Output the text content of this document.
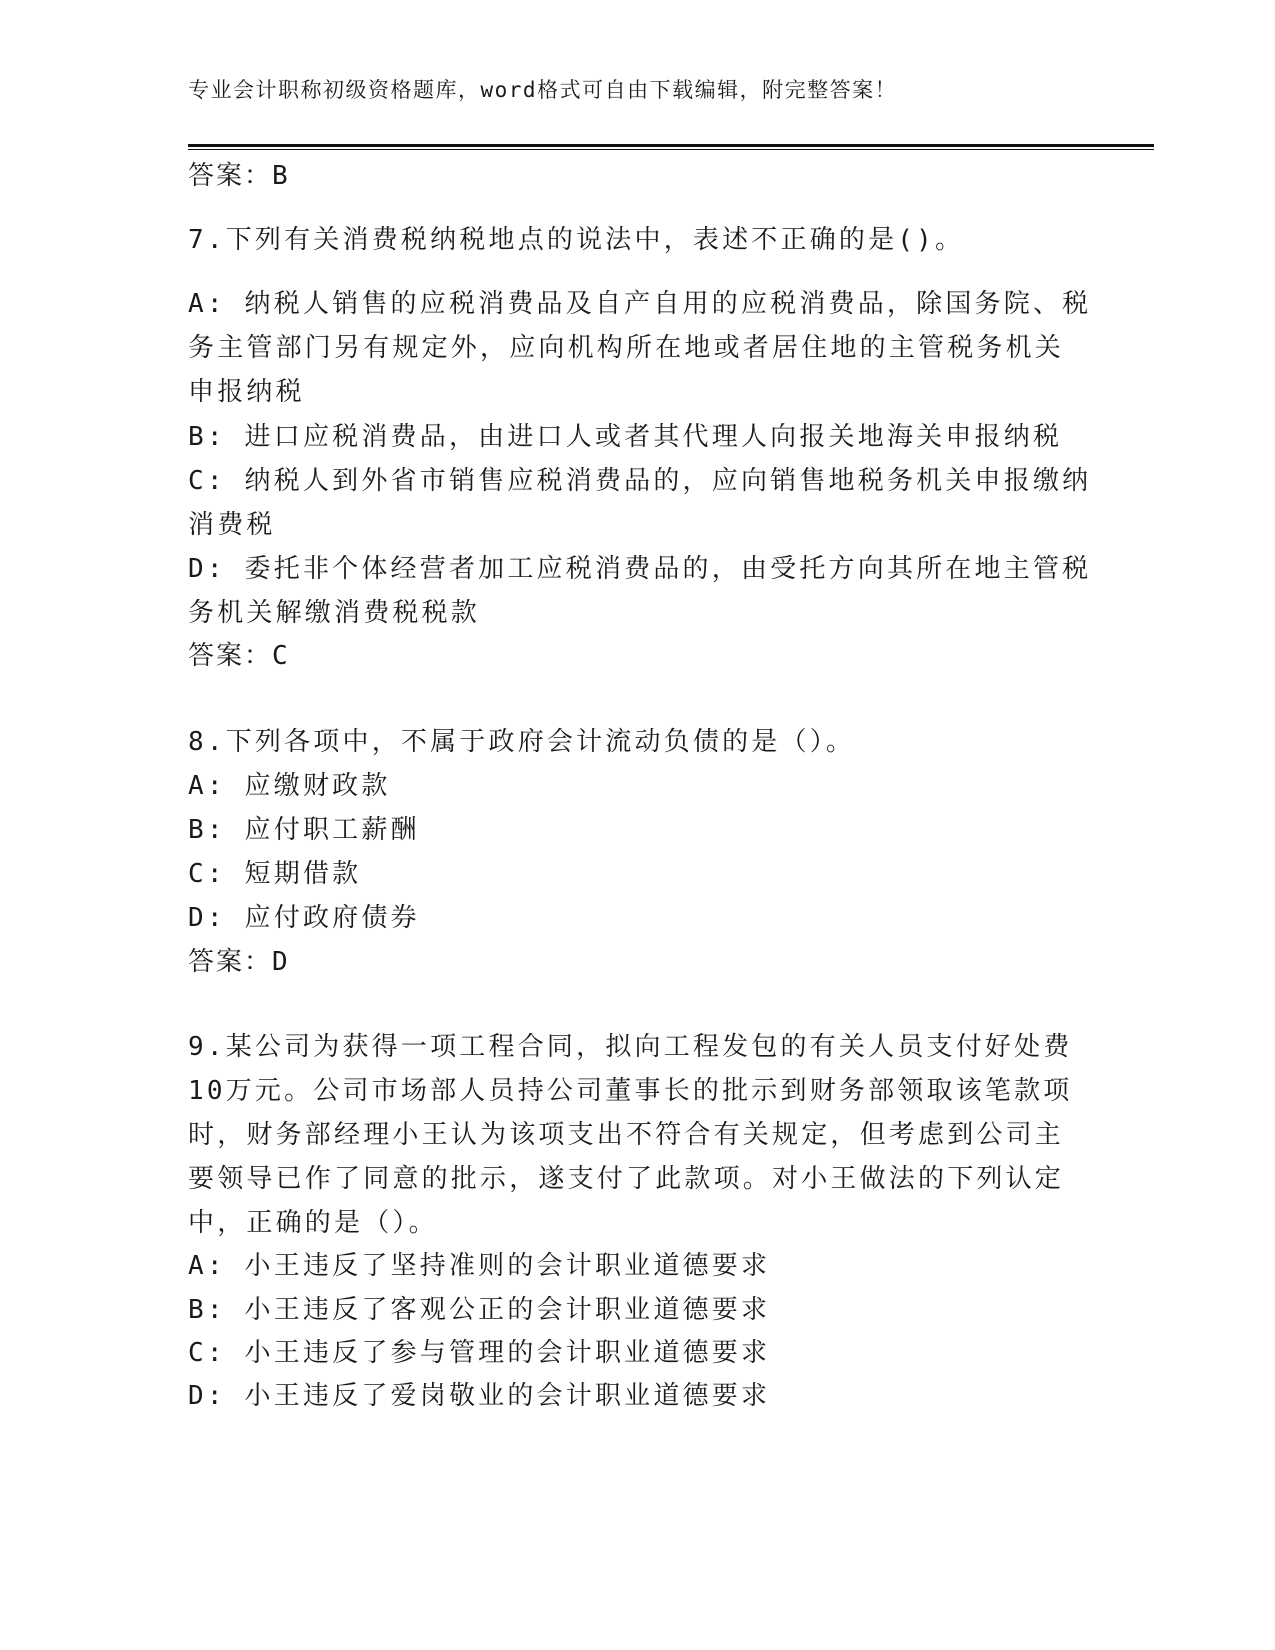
专业会计职称初级资格题库，word格式可自由下载编辑，附完整答案！
答案：B
7.下列有关消费税纳税地点的说法中，表述不正确的是()。
A: 纳税人销售的应税消费品及自产自用的应税消费品，除国务院、税
务主管部门另有规定外，应向机构所在地或者居住地的主管税务机关
申报纳税
B: 进口应税消费品，由进口人或者其代理人向报关地海关申报纳税
C: 纳税人到外省市销售应税消费品的，应向销售地税务机关申报缴纳
消费税
D: 委托非个体经营者加工应税消费品的，由受托方向其所在地主管税
务机关解缴消费税税款
答案：C
8.下列各项中，不属于政府会计流动负债的是（）。
A: 应缴财政款
B: 应付职工薪酬
C: 短期借款
D: 应付政府债券
答案：D
9.某公司为获得一项工程合同，拟向工程发包的有关人员支付好处费
10万元。公司市场部人员持公司董事长的批示到财务部领取该笔款项
时，财务部经理小王认为该项支出不符合有关规定，但考虑到公司主
要领导已作了同意的批示，遂支付了此款项。对小王做法的下列认定
中，正确的是（）。
A: 小王违反了坚持准则的会计职业道德要求
B: 小王违反了客观公正的会计职业道德要求
C: 小王违反了参与管理的会计职业道德要求
D: 小王违反了爱岗敬业的会计职业道德要求
